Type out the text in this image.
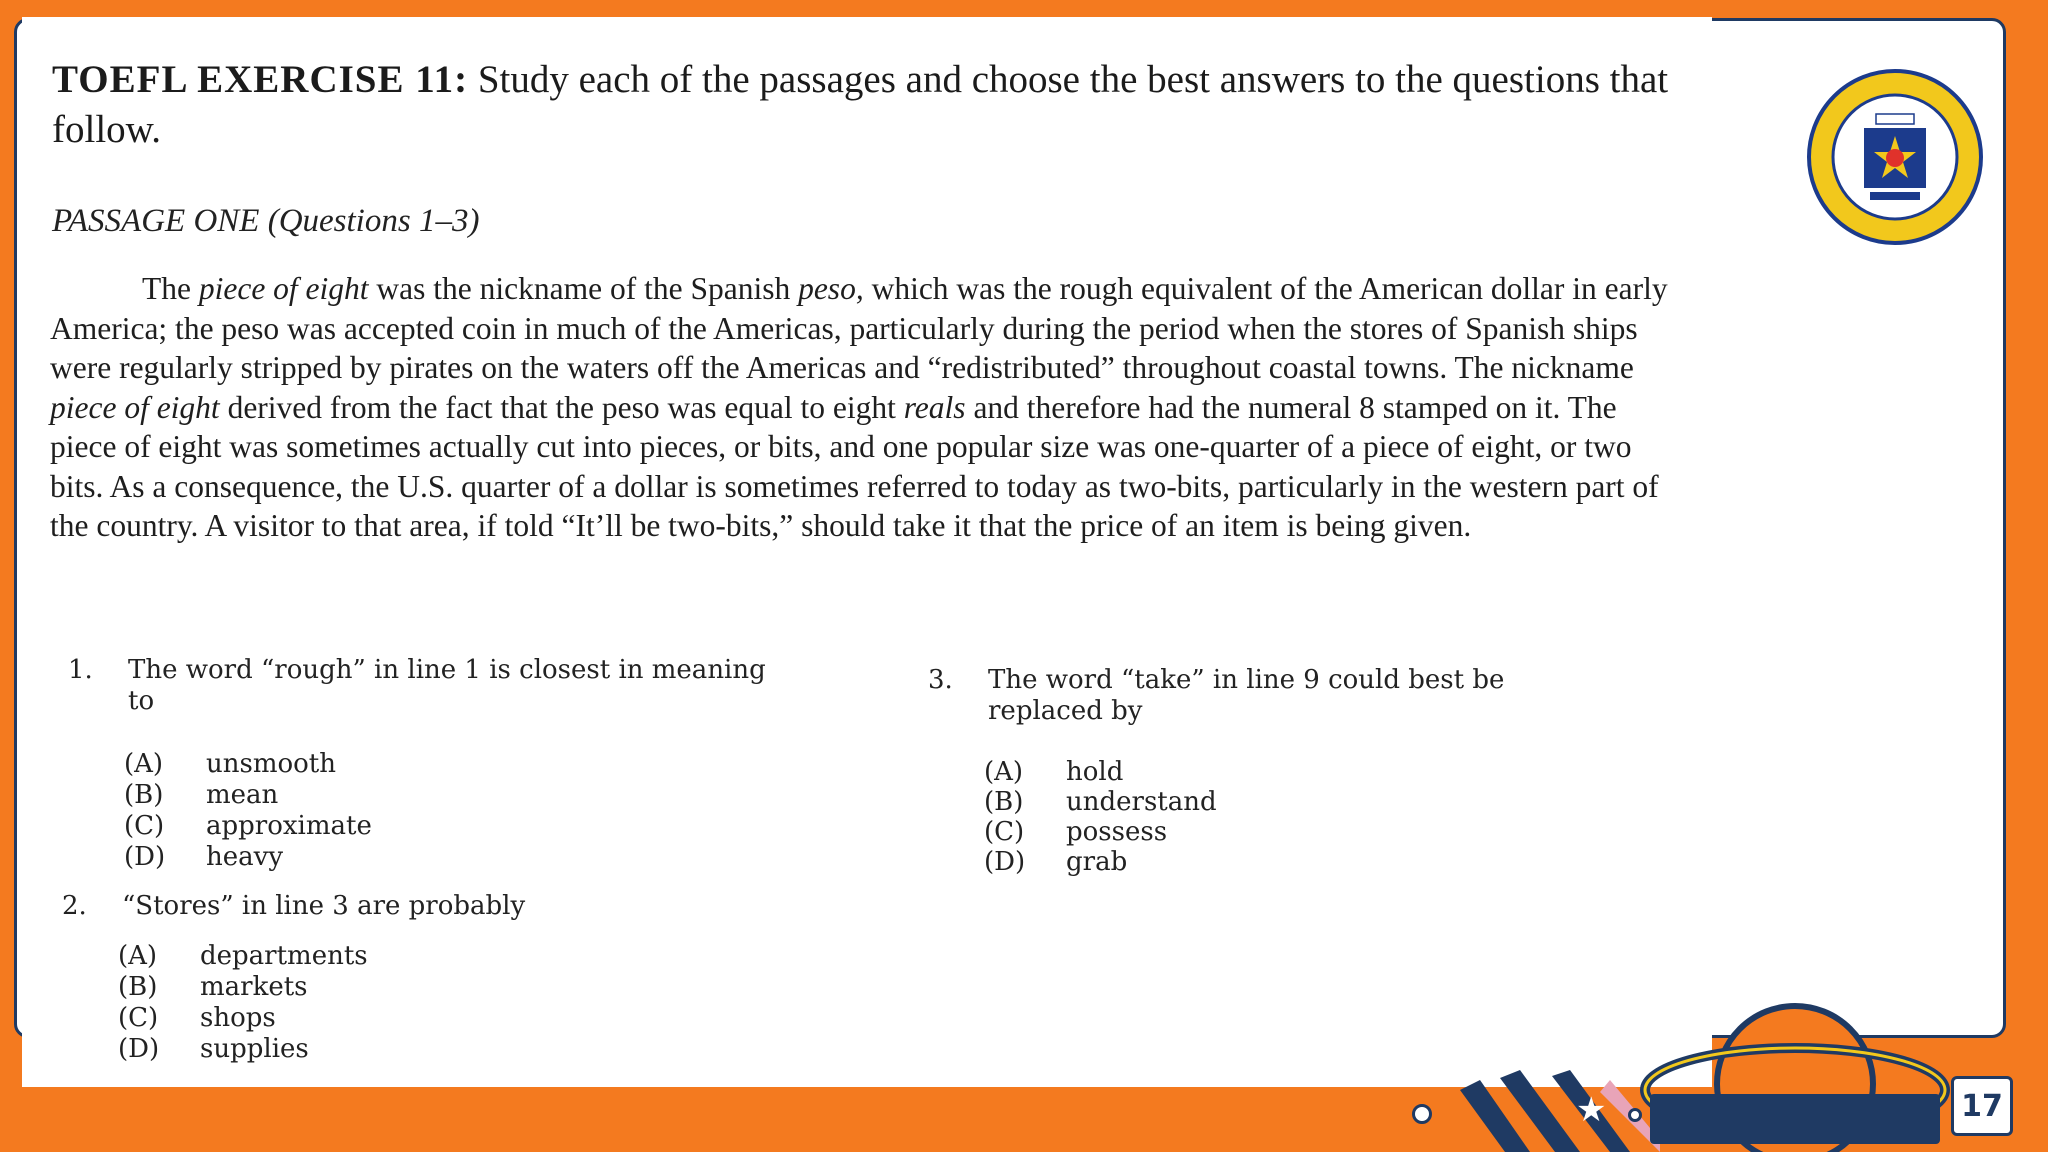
TOEFL EXERCISE 11: Study each of the passages and choose the best answers to the questions that follow.
PASSAGE ONE (Questions 1–3)
The piece of eight was the nickname of the Spanish peso, which was the rough equivalent of the American dollar in early America; the peso was accepted coin in much of the Americas, particularly during the period when the stores of Spanish ships were regularly stripped by pirates on the waters off the Americas and “redistributed” throughout coastal towns. The nickname piece of eight derived from the fact that the peso was equal to eight reals and therefore had the numeral 8 stamped on it. The piece of eight was sometimes actually cut into pieces, or bits, and one popular size was one-quarter of a piece of eight, or two bits. As a consequence, the U.S. quarter of a dollar is sometimes referred to today as two-bits, particularly in the western part of the country. A visitor to that area, if told “It’ll be two-bits,” should take it that the price of an item is being given.
1. The word “rough” in line 1 is closest in meaning to
(A) unsmooth
(B) mean
(C) approximate
(D) heavy
2. “Stores” in line 3 are probably
(A) departments
(B) markets
(C) shops
(D) supplies
3. The word “take” in line 9 could best be replaced by
(A) hold
(B) understand
(C) possess
(D) grab
★	17
